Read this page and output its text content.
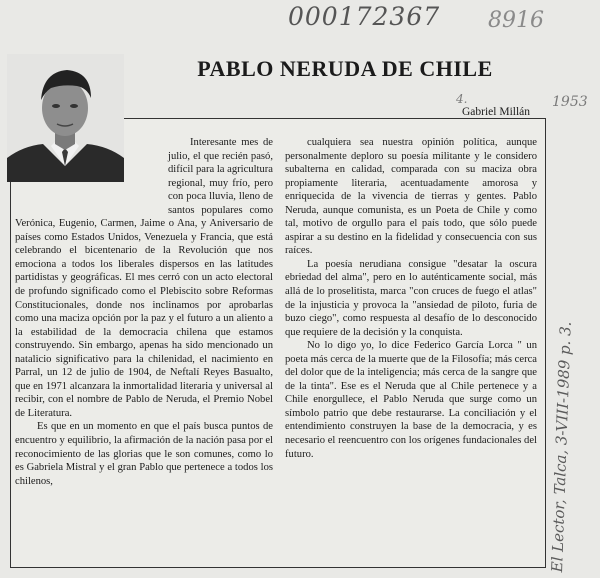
000172367 8916
1953
4.
El Lector, Talca, 3-VIII-1989 p. 3.
PABLO NERUDA DE CHILE
Gabriel Millán

Interesante mes de julio, el que recién pasó, difícil para la agricultura regional, muy frío, pero con poca lluvia, lleno de santos populares como Verónica, Eugenio, Carmen, Jaime o Ana, y Aniversario de países como Estados Unidos, Venezuela y Francia, que está celebrando el bicentenario de la Revolución que nos emociona a todos los liberales dispersos en las latitudes partidistas y geográficas. El mes cerró con un acto electoral de profundo significado como el Plebiscito sobre Reformas Constitucionales, donde nos inclinamos por aprobarlas como una maciza opción por la paz y el futuro a un aliento a la estabilidad de la democracia chilena que estamos construyendo. Sin embargo, apenas ha sido mencionado un natalicio significativo para la chilenidad, el nacimiento en Parral, un 12 de julio de 1904, de Neftalí Reyes Basualto, que en 1971 alcanzara la inmortalidad literaria y universal al recibir, con el nombre de Pablo de Neruda, el Premio Nobel de Literatura.

Es que en un momento en que el país busca puntos de encuentro y equilibrio, la afirmación de la nación pasa por el reconocimiento de las glorias que le son comunes, como lo es Gabriela Mistral y el gran Pablo que pertenece a todos los chilenos,

cualquiera sea nuestra opinión política, aunque personalmente deploro su poesía militante y le considero subalterna en calidad, comparada con su maciza obra propiamente literaria, acentuadamente amorosa y enriquecida de la vivencia de tierras y gentes. Pablo Neruda, aunque comunista, es un Poeta de Chile y como tal, motivo de orgullo para el país todo, que sólo puede aspirar a su destino en la fidelidad y consecuencia con sus raíces.

La poesía nerudiana consigue "desatar la oscura ebriedad del alma", pero en lo auténticamente social, más allá de lo proselitista, marca "con cruces de fuego el atlas" de la injusticia y provoca la "ansiedad de piloto, furia de buzo ciego", como respuesta al desafío de lo desconocido que requiere de la decisión y la conquista.

No lo digo yo, lo dice Federico García Lorca " un poeta más cerca de la muerte que de la Filosofía; más cerca del dolor que de la inteligencia; más cerca de la sangre que de la tinta". Ese es el Neruda que al Chile pertenece y a Chile enorgullece, el Pablo Neruda que surge como un símbolo patrio que debe restaurarse. La conciliación y el entendimiento construyen la base de la democracia, y es necesario el reencuentro con los orígenes fundacionales del futuro.
